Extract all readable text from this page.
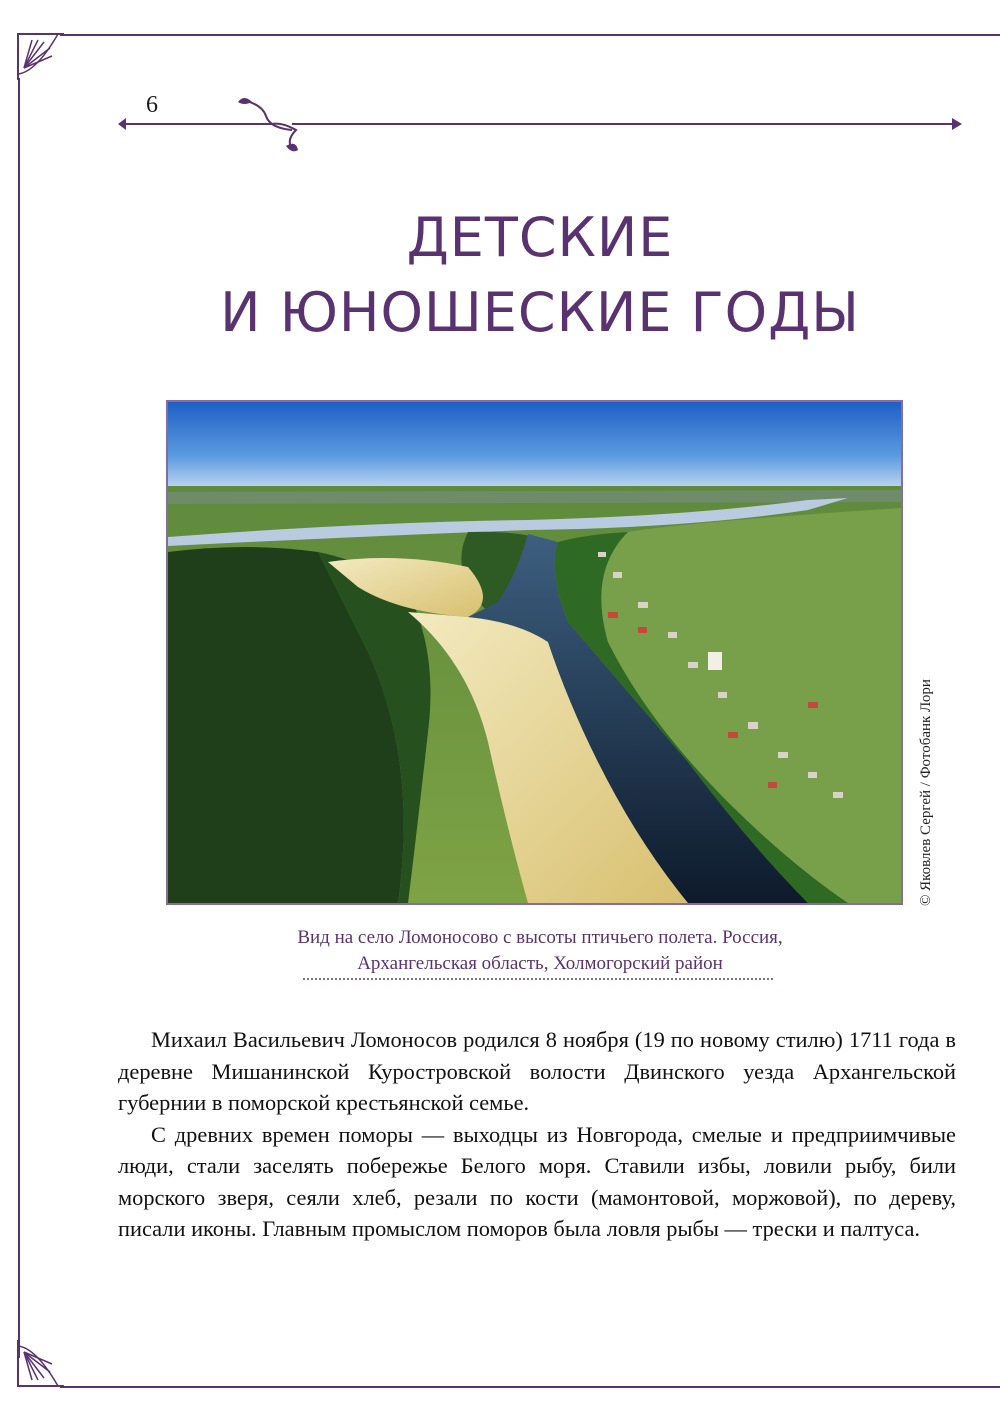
6
ДЕТСКИЕ
И ЮНОШЕСКИЕ ГОДЫ
© Яковлев Сергей / Фотобанк Лори
Вид на село Ломоносово с высоты птичьего полета. Россия,
Архангельская область, Холмогорский район

Михаил Васильевич Ломоносов родился 8 ноября (19 по новому стилю) 1711 года в деревне Мишанинской Куростровской волости Двинского уезда Архангельской губернии в поморской крестьянской семье.

С древних времен поморы — выходцы из Новгорода, смелые и предприимчивые люди, стали заселять побережье Белого моря. Ставили избы, ловили рыбу, били морского зверя, сеяли хлеб, резали по кости (мамонтовой, моржовой), по дереву, писали иконы. Главным промыслом поморов была ловля рыбы — трески и палтуса.
